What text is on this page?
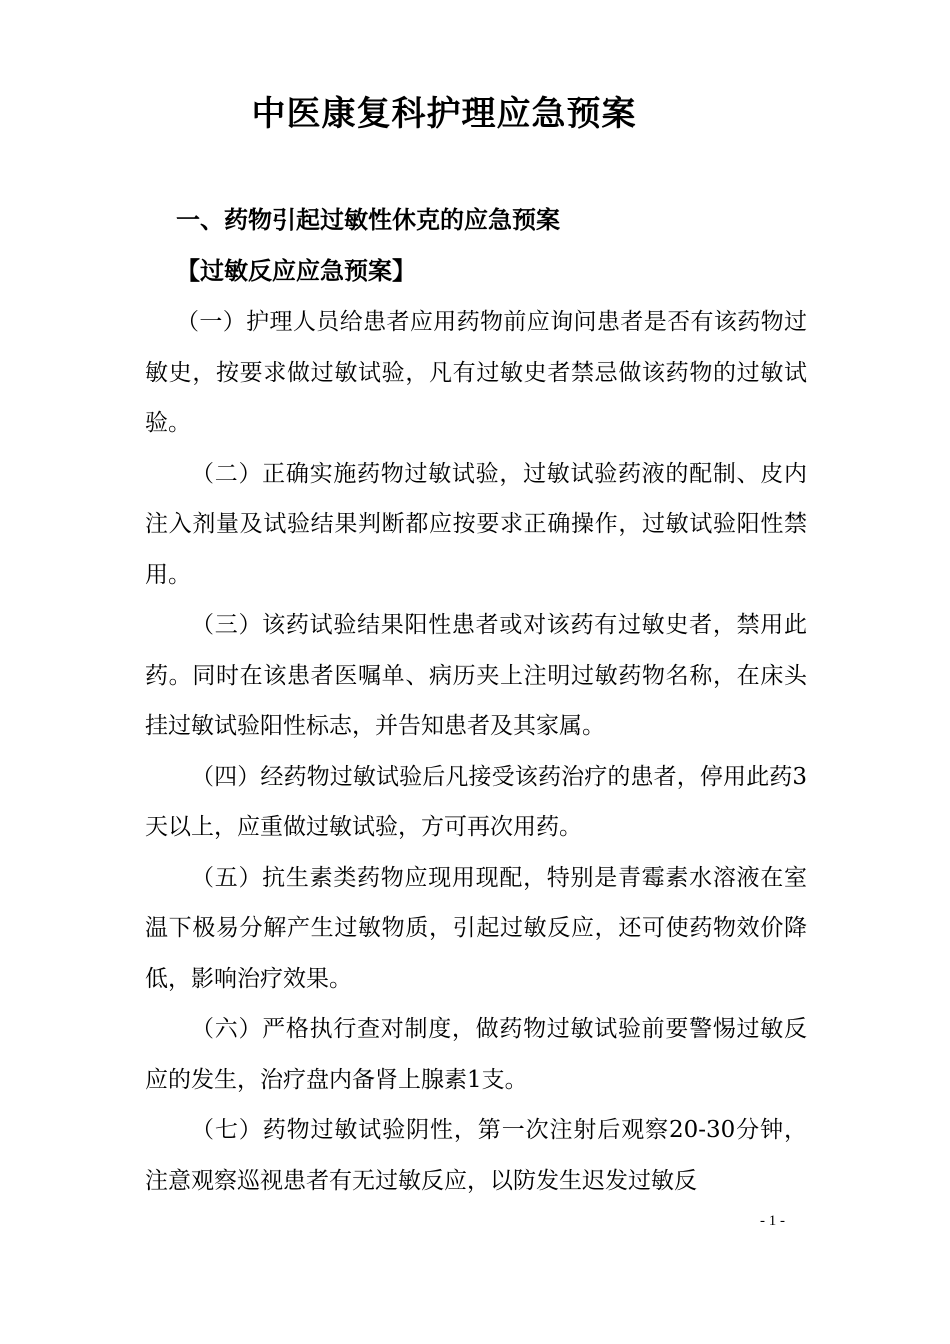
中医康复科护理应急预案
一、药物引起过敏性休克的应急预案
【过敏反应应急预案】

（一）护理人员给患者应用药物前应询问患者是否有该药物过敏史，按要求做过敏试验，凡有过敏史者禁忌做该药物的过敏试验。

（二）正确实施药物过敏试验，过敏试验药液的配制、皮内注入剂量及试验结果判断都应按要求正确操作，过敏试验阳性禁用。

（三）该药试验结果阳性患者或对该药有过敏史者，禁用此药。同时在该患者医嘱单、病历夹上注明过敏药物名称，在床头挂过敏试验阳性标志，并告知患者及其家属。

（四）经药物过敏试验后凡接受该药治疗的患者，停用此药3天以上，应重做过敏试验，方可再次用药。

（五）抗生素类药物应现用现配，特别是青霉素水溶液在室温下极易分解产生过敏物质，引起过敏反应，还可使药物效价降低，影响治疗效果。

（六）严格执行查对制度，做药物过敏试验前要警惕过敏反应的发生，治疗盘内备肾上腺素1支。

（七）药物过敏试验阴性，第一次注射后观察20-30分钟，注意观察巡视患者有无过敏反应，以防发生迟发过敏反

- 1 -
